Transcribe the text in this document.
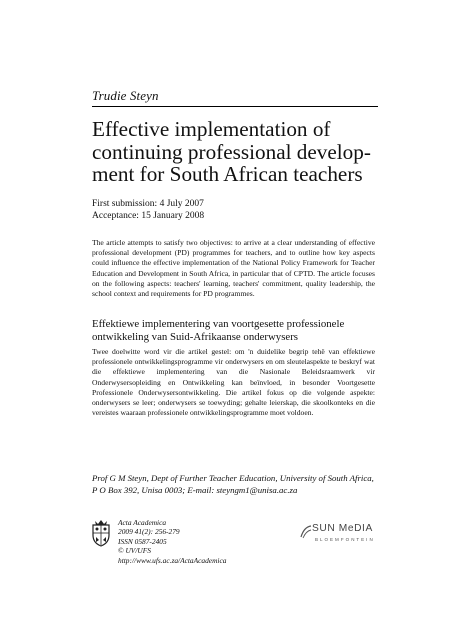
Trudie Steyn
Effective implementation of
continuing professional develop-
ment for South African teachers
First submission: 4 July 2007
Acceptance: 15 January 2008
The article attempts to satisfy two objectives: to arrive at a clear understanding of effective professional development (PD) programmes for teachers, and to outline how key aspects could influence the effective implementation of the National Policy Framework for Teacher Education and Development in South Africa, in particular that of CPTD. The article focuses on the following aspects: teachers' learning, teachers' commitment, quality leadership, the school context and requirements for PD programmes.
Effektiewe implementering van voortgesette professionele
ontwikkeling van Suid-Afrikaanse onderwysers
Twee doelwitte word vir die artikel gestel: om 'n duidelike begrip tehë van effektiewe professionele ontwikkelingsprogramme vir onderwysers en om sleutelaspekte te beskryf wat die effektiewe implementering van die Nasionale Beleidsraamwerk vir Onderwysersopleiding en Ontwikkeling kan beïnvloed, in besonder Voortgesette Professionele Onderwysersontwikkeling. Die artikel fokus op die volgende aspekte: onderwysers se leer; onderwysers se toewyding; gehalte leierskap, die skoolkonteks en die vereistes waaraan professionele ontwikkelingsprogramme moet voldoen.
Prof G M Steyn, Dept of Further Teacher Education, University of South Africa,
P O Box 392, Unisa 0003; E-mail: steyngm1@unisa.ac.za
Acta Academica
2009 41(2): 256-279
ISSN 0587-2405
© UV/UFS
http://www.ufs.ac.za/ActaAcademica
SUN MeDIA
B L O E M F O N T E I N
